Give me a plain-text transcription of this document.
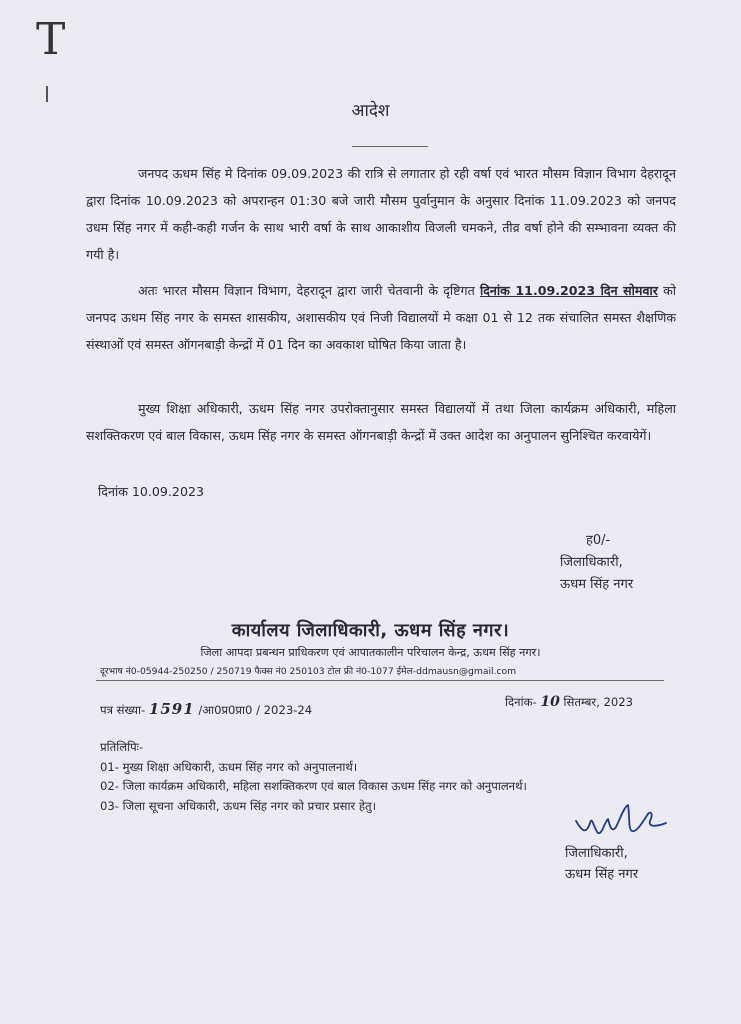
T
आदेश
जनपद ऊधम सिंह मे दिनांक 09.09.2023 की रात्रि से लगातार हो रही वर्षा एवं भारत मौसम विज्ञान विभाग देहरादून द्वारा दिनांक 10.09.2023 को अपरान्हन 01:30 बजे जारी मौसम पुर्वानुमान के अनुसार दिनांक 11.09.2023 को जनपद उधम सिंह नगर में कही-कही गर्जन के साथ भारी वर्षा के साथ आकाशीय विजली चमकने, तीव्र वर्षा होने की सम्भावना व्यक्त की गयी है।
अतः भारत मौसम विज्ञान विभाग, देहरादून द्वारा जारी चेतवानी के दृष्टिगत दिनांक 11.09.2023 दिन सोमवार को जनपद ऊधम सिंह नगर के समस्त शासकीय, अशासकीय एवं निजी विद्यालयों मे कक्षा 01 से 12 तक संचालित समस्त शैक्षणिक संस्थाओं एवं समस्त ऑगनबाड़ी केन्द्रों में 01 दिन का अवकाश घोषित किया जाता है।
मुख्य शिक्षा अधिकारी, ऊधम सिंह नगर उपरोक्तानुसार समस्त विद्यालयों में तथा जिला कार्यक्रम अधिकारी, महिला सशक्तिकरण एवं बाल विकास, ऊधम सिंह नगर के समस्त ऑगनबाड़ी केन्द्रों में उक्त आदेश का अनुपालन सुनिश्चित करवायेगें।
दिनांक 10.09.2023
ह0/-
जिलाधिकारी,
ऊधम सिंह नगर
कार्यालय जिलाधिकारी, ऊधम सिंह नगर।
जिला आपदा प्रबन्धन प्राधिकरण एवं आपातकालीन परिचालन केन्द्र, ऊधम सिंह नगर।
दूरभाष नं0-05944-250250 / 250719 फैक्स नं0 250103 टोल फ्री नं0-1077 ईमेल-ddmausn@gmail.com
पत्र संख्या- 1591 /आ0प्र0प्रा0 / 2023-24
दिनांक- 10 सितम्बर, 2023
प्रतिलिपिः-
01- मुख्य शिक्षा अधिकारी, ऊधम सिंह नगर को अनुपालनार्थ।
02- जिला कार्यक्रम अधिकारी, महिला सशक्तिकरण एवं बाल विकास ऊधम सिंह नगर को अनुपालनर्थ।
03- जिला सूचना अधिकारी, ऊधम सिंह नगर को प्रचार प्रसार हेतु।
जिलाधिकारी,
ऊधम सिंह नगर
